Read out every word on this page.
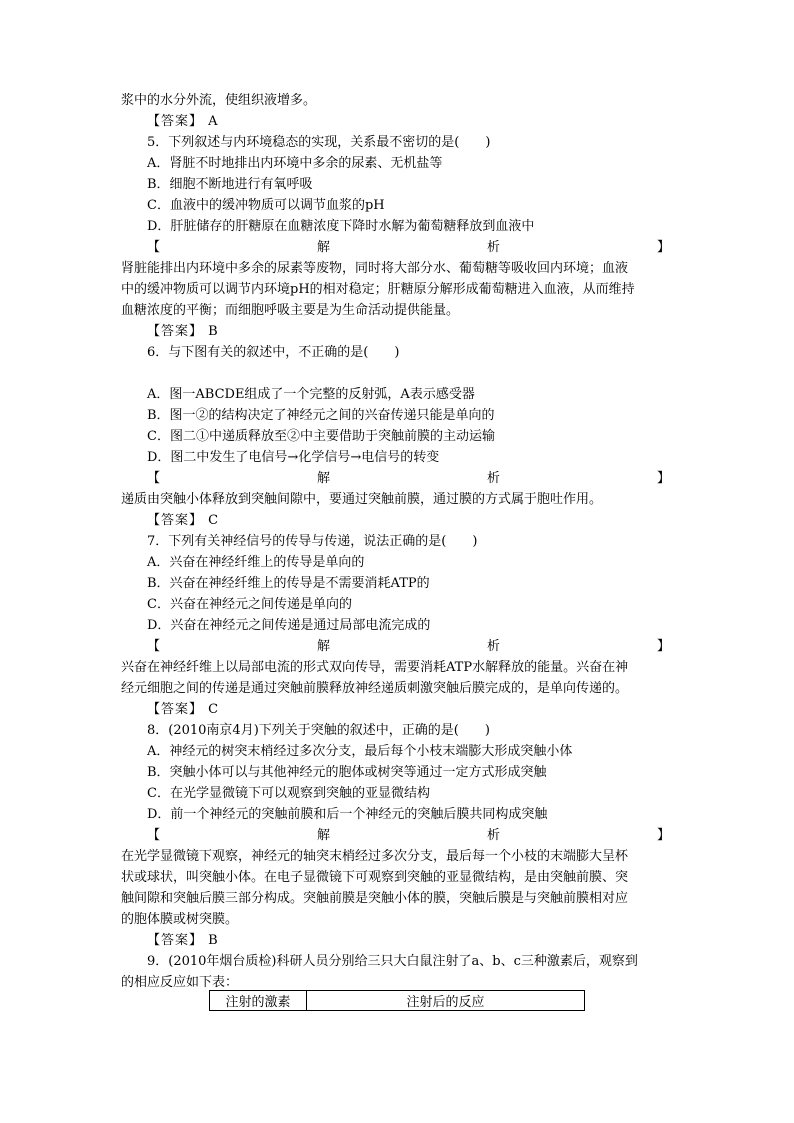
浆中的水分外流，使组织液增多。
【答案】 A
5．下列叙述与内环境稳态的实现，关系最不密切的是(　　)
A．肾脏不时地排出内环境中多余的尿素、无机盐等
B．细胞不断地进行有氧呼吸
C．血液中的缓冲物质可以调节血浆的pH
D．肝脏储存的肝糖原在血糖浓度下降时水解为葡萄糖释放到血液中
【	解	析	】
肾脏能排出内环境中多余的尿素等废物，同时将大部分水、葡萄糖等吸收回内环境；血液
中的缓冲物质可以调节内环境pH的相对稳定；肝糖原分解形成葡萄糖进入血液，从而维持
血糖浓度的平衡；而细胞呼吸主要是为生命活动提供能量。
【答案】 B
6．与下图有关的叙述中，不正确的是(　　)
A．图一ABCDE组成了一个完整的反射弧，A表示感受器
B．图一②的结构决定了神经元之间的兴奋传递只能是单向的
C．图二①中递质释放至②中主要借助于突触前膜的主动运输
D．图二中发生了电信号→化学信号→电信号的转变
【	解	析	】
递质由突触小体释放到突触间隙中，要通过突触前膜，通过膜的方式属于胞吐作用。
【答案】 C
7．下列有关神经信号的传导与传递，说法正确的是(　　)
A．兴奋在神经纤维上的传导是单向的
B．兴奋在神经纤维上的传导是不需要消耗ATP的
C．兴奋在神经元之间传递是单向的
D．兴奋在神经元之间传递是通过局部电流完成的
【	解	析	】
兴奋在神经纤维上以局部电流的形式双向传导，需要消耗ATP水解释放的能量。兴奋在神
经元细胞之间的传递是通过突触前膜释放神经递质刺激突触后膜完成的，是单向传递的。
【答案】 C
8．(2010南京4月)下列关于突触的叙述中，正确的是(　　)
A．神经元的树突末梢经过多次分支，最后每个小枝末端膨大形成突触小体
B．突触小体可以与其他神经元的胞体或树突等通过一定方式形成突触
C．在光学显微镜下可以观察到突触的亚显微结构
D．前一个神经元的突触前膜和后一个神经元的突触后膜共同构成突触
【	解	析	】
在光学显微镜下观察，神经元的轴突末梢经过多次分支，最后每一个小枝的末端膨大呈杯
状或球状，叫突触小体。在电子显微镜下可观察到突触的亚显微结构，是由突触前膜、突
触间隙和突触后膜三部分构成。突触前膜是突触小体的膜，突触后膜是与突触前膜相对应
的胞体膜或树突膜。
【答案】 B
9．(2010年烟台质检)科研人员分别给三只大白鼠注射了a、b、c三种激素后，观察到
的相应反应如下表：
注射的激素	注射后的反应
